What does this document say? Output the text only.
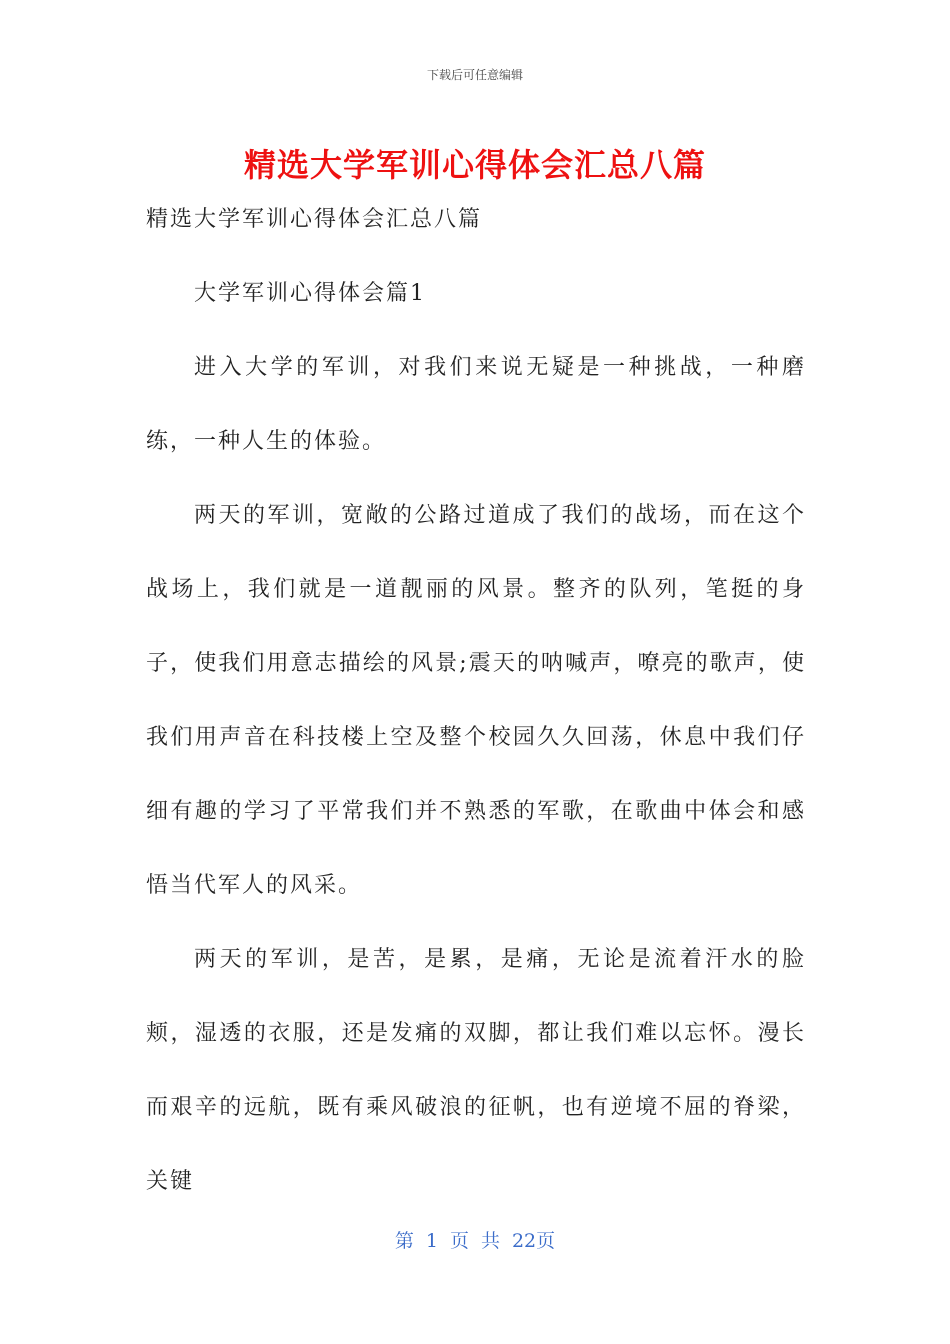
下载后可任意编辑
精选大学军训心得体会汇总八篇
精选大学军训心得体会汇总八篇

大学军训心得体会篇1

进入大学的军训，对我们来说无疑是一种挑战，一种磨练，一种人生的体验。

两天的军训，宽敞的公路过道成了我们的战场，而在这个战场上，我们就是一道靓丽的风景。整齐的队列，笔挺的身子，使我们用意志描绘的风景;震天的呐喊声，嘹亮的歌声，使我们用声音在科技楼上空及整个校园久久回荡，休息中我们仔细有趣的学习了平常我们并不熟悉的军歌，在歌曲中体会和感悟当代军人的风采。

两天的军训，是苦，是累，是痛，无论是流着汗水的脸颊，湿透的衣服，还是发痛的双脚，都让我们难以忘怀。漫长而艰辛的远航，既有乘风破浪的征帆，也有逆境不屈的脊梁，关键

第 1 页 共 22页
